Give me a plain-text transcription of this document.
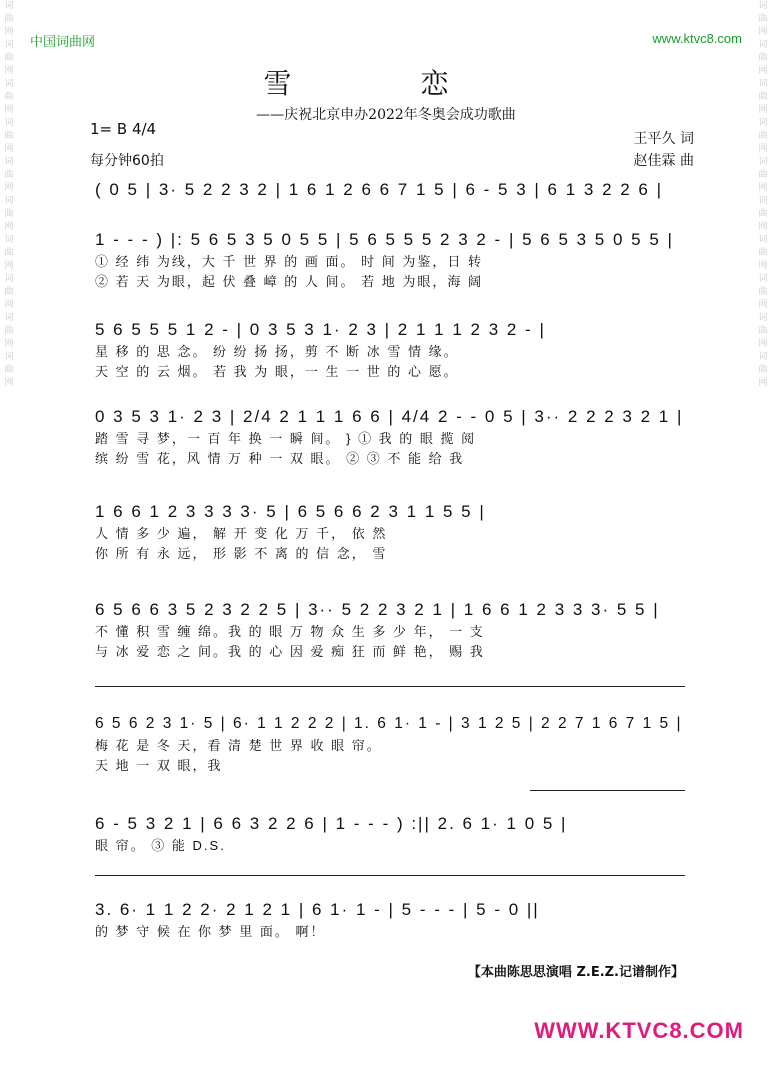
词
曲
网
词
曲
网
词
曲
网
词
曲
网
词
曲
网
词
曲
网
词
曲
网
词
曲
网
词
曲
网
词
曲
网
词
曲
网
词
曲
网
词
曲
网
词
曲
网
词
曲
网
词
曲
网
词
曲
网
词
曲
网
词
曲
网
词
曲
网
中国词曲网	www.ktvc8.com
雪 恋
——庆祝北京申办2022年冬奥会成功歌曲
1= B 4/4
每分钟60拍
王平久 词
赵佳霖 曲
( 0 5 | 3· 5 2 2 3 2 | 1 6 1 2 6 6 7 1 5 | 6 - 5 3 | 6 1 3 2 2 6 |
1 - - - ) |: 5 6 5 3 5 0 5 5 | 5 6 5 5 5 2 3 2 - | 5 6 5 3 5 0 5 5 |
① 经 纬 为线，大 千 世 界 的 画 面。 时 间 为鉴，日 转
② 若 天 为眼，起 伏 叠 嶂 的 人 间。 若 地 为眼，海 阔
5 6 5 5 5 1 2 - | 0 3 5 3 1· 2 3 | 2 1 1 1 2 3 2 - |
星 移 的 思 念。 纷 纷 扬 扬，剪 不 断 冰 雪 情 缘。
天 空 的 云 烟。 若 我 为 眼，一 生 一 世 的 心 愿。
0 3 5 3 1· 2 3 | 2/4 2 1 1 1 6 6 | 4/4 2 - - 0 5 | 3·· 2 2 2 3 2 1 |
踏 雪 寻 梦，一 百 年 换 一 瞬 间。 } ① 我 的 眼 揽 阅
缤 纷 雪 花，风 情 万 种 一 双 眼。 ② ③ 不 能 给 我
1 6 6 1 2 3 3 3 3· 5 | 6 5 6 6 2 3 1 1 5 5 |
人 情 多 少 遍， 解 开 变 化 万 千， 依 然
你 所 有 永 远， 形 影 不 离 的 信 念， 雪
6 5 6 6 3 5 2 3 2 2 5 | 3·· 5 2 2 3 2 1 | 1 6 6 1 2 3 3 3· 5 5 |
不 懂 积 雪 缠 绵。我 的 眼 万 物 众 生 多 少 年， 一 支
与 冰 爱 恋 之 间。我 的 心 因 爱 痴 狂 而 鲜 艳， 赐 我
6 5 6 2 3 1· 5 | 6· 1 1 2 2 2 | 1. 6 1· 1 - | 3 1 2 5 | 2 2 7 1 6 7 1 5 |
梅 花 是 冬 天，看 清 楚 世 界 收 眼 帘。
天 地 一 双 眼，我
6 - 5 3 2 1 | 6 6 3 2 2 6 | 1 - - - ) :|| 2. 6 1· 1 0 5 |
眼 帘。 ③ 能 D.S.
3. 6· 1 1 2 2· 2 1 2 1 | 6 1· 1 - | 5 - - - | 5 - 0 ||
的 梦 守 候 在 你 梦 里 面。 啊！
【本曲陈思思演唱 Z.E.Z.记谱制作】
WWW.KTVC8.COM
